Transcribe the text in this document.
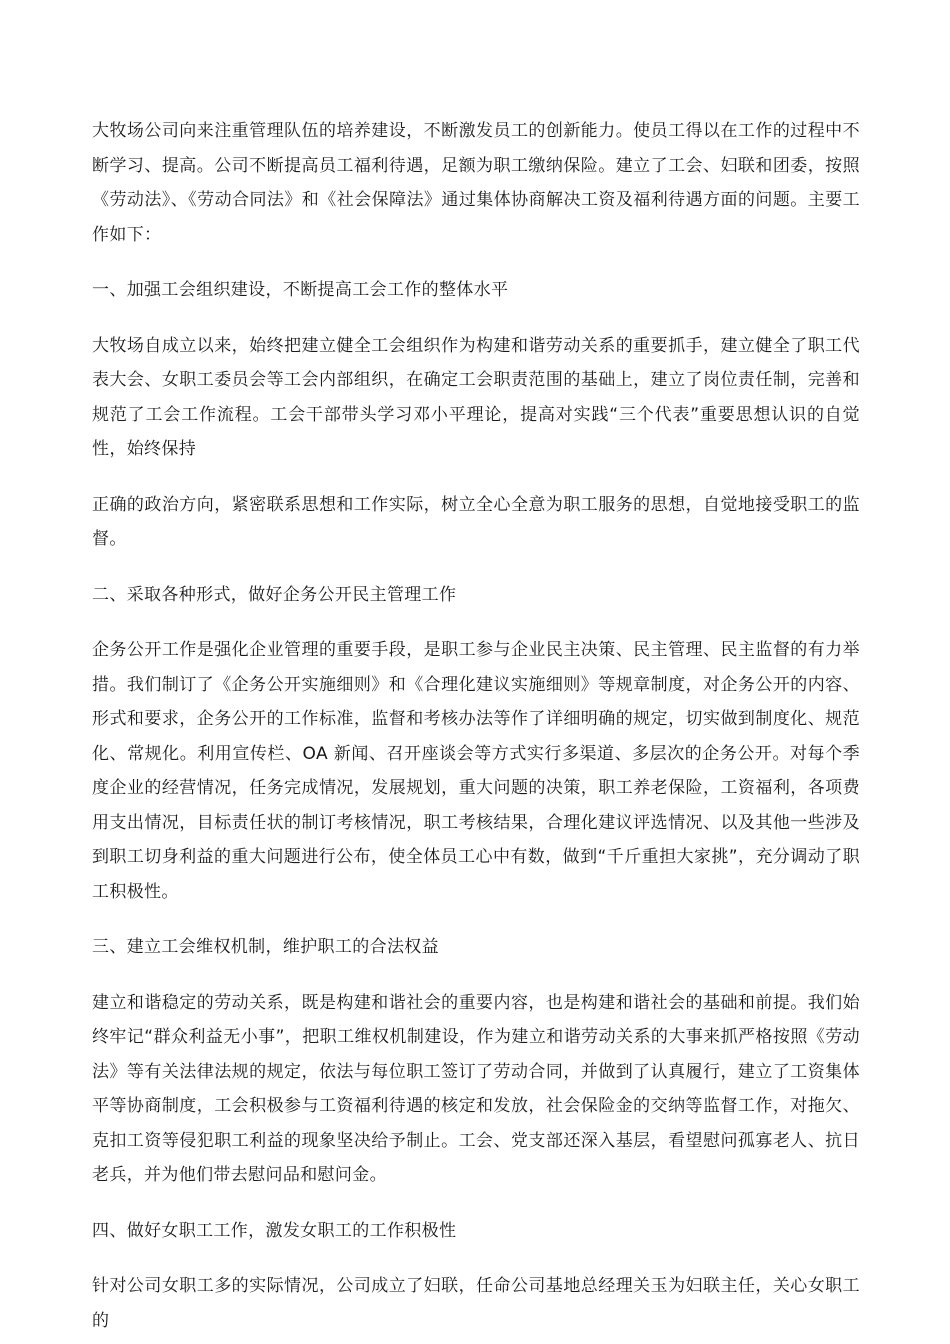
大牧场公司向来注重管理队伍的培养建设，不断激发员工的创新能力。使员工得以在工作的过程中不断学习、提高。公司不断提高员工福利待遇，足额为职工缴纳保险。建立了工会、妇联和团委，按照《劳动法》、《劳动合同法》和《社会保障法》通过集体协商解决工资及福利待遇方面的问题。主要工作如下：

一、加强工会组织建设，不断提高工会工作的整体水平

大牧场自成立以来，始终把建立健全工会组织作为构建和谐劳动关系的重要抓手，建立健全了职工代表大会、女职工委员会等工会内部组织，在确定工会职责范围的基础上，建立了岗位责任制，完善和规范了工会工作流程。工会干部带头学习邓小平理论，提高对实践“三个代表”重要思想认识的自觉性，始终保持

正确的政治方向，紧密联系思想和工作实际，树立全心全意为职工服务的思想，自觉地接受职工的监督。

二、采取各种形式，做好企务公开民主管理工作

企务公开工作是强化企业管理的重要手段，是职工参与企业民主决策、民主管理、民主监督的有力举措。我们制订了《企务公开实施细则》和《合理化建议实施细则》等规章制度，对企务公开的内容、形式和要求，企务公开的工作标准，监督和考核办法等作了详细明确的规定，切实做到制度化、规范化、常规化。利用宣传栏、OA 新闻、召开座谈会等方式实行多渠道、多层次的企务公开。对每个季度企业的经营情况，任务完成情况，发展规划，重大问题的决策，职工养老保险，工资福利，各项费用支出情况，目标责任状的制订考核情况，职工考核结果，合理化建议评选情况、以及其他一些涉及到职工切身利益的重大问题进行公布，使全体员工心中有数，做到“千斤重担大家挑”，充分调动了职工积极性。

三、建立工会维权机制，维护职工的合法权益

建立和谐稳定的劳动关系，既是构建和谐社会的重要内容，也是构建和谐社会的基础和前提。我们始终牢记“群众利益无小事”，把职工维权机制建设，作为建立和谐劳动关系的大事来抓严格按照《劳动法》等有关法律法规的规定，依法与每位职工签订了劳动合同，并做到了认真履行，建立了工资集体平等协商制度，工会积极参与工资福利待遇的核定和发放，社会保险金的交纳等监督工作，对拖欠、克扣工资等侵犯职工利益的现象坚决给予制止。工会、党支部还深入基层，看望慰问孤寡老人、抗日老兵，并为他们带去慰问品和慰问金。

四、做好女职工工作，激发女职工的工作积极性

针对公司女职工多的实际情况，公司成立了妇联，任命公司基地总经理关玉为妇联主任，关心女职工的
